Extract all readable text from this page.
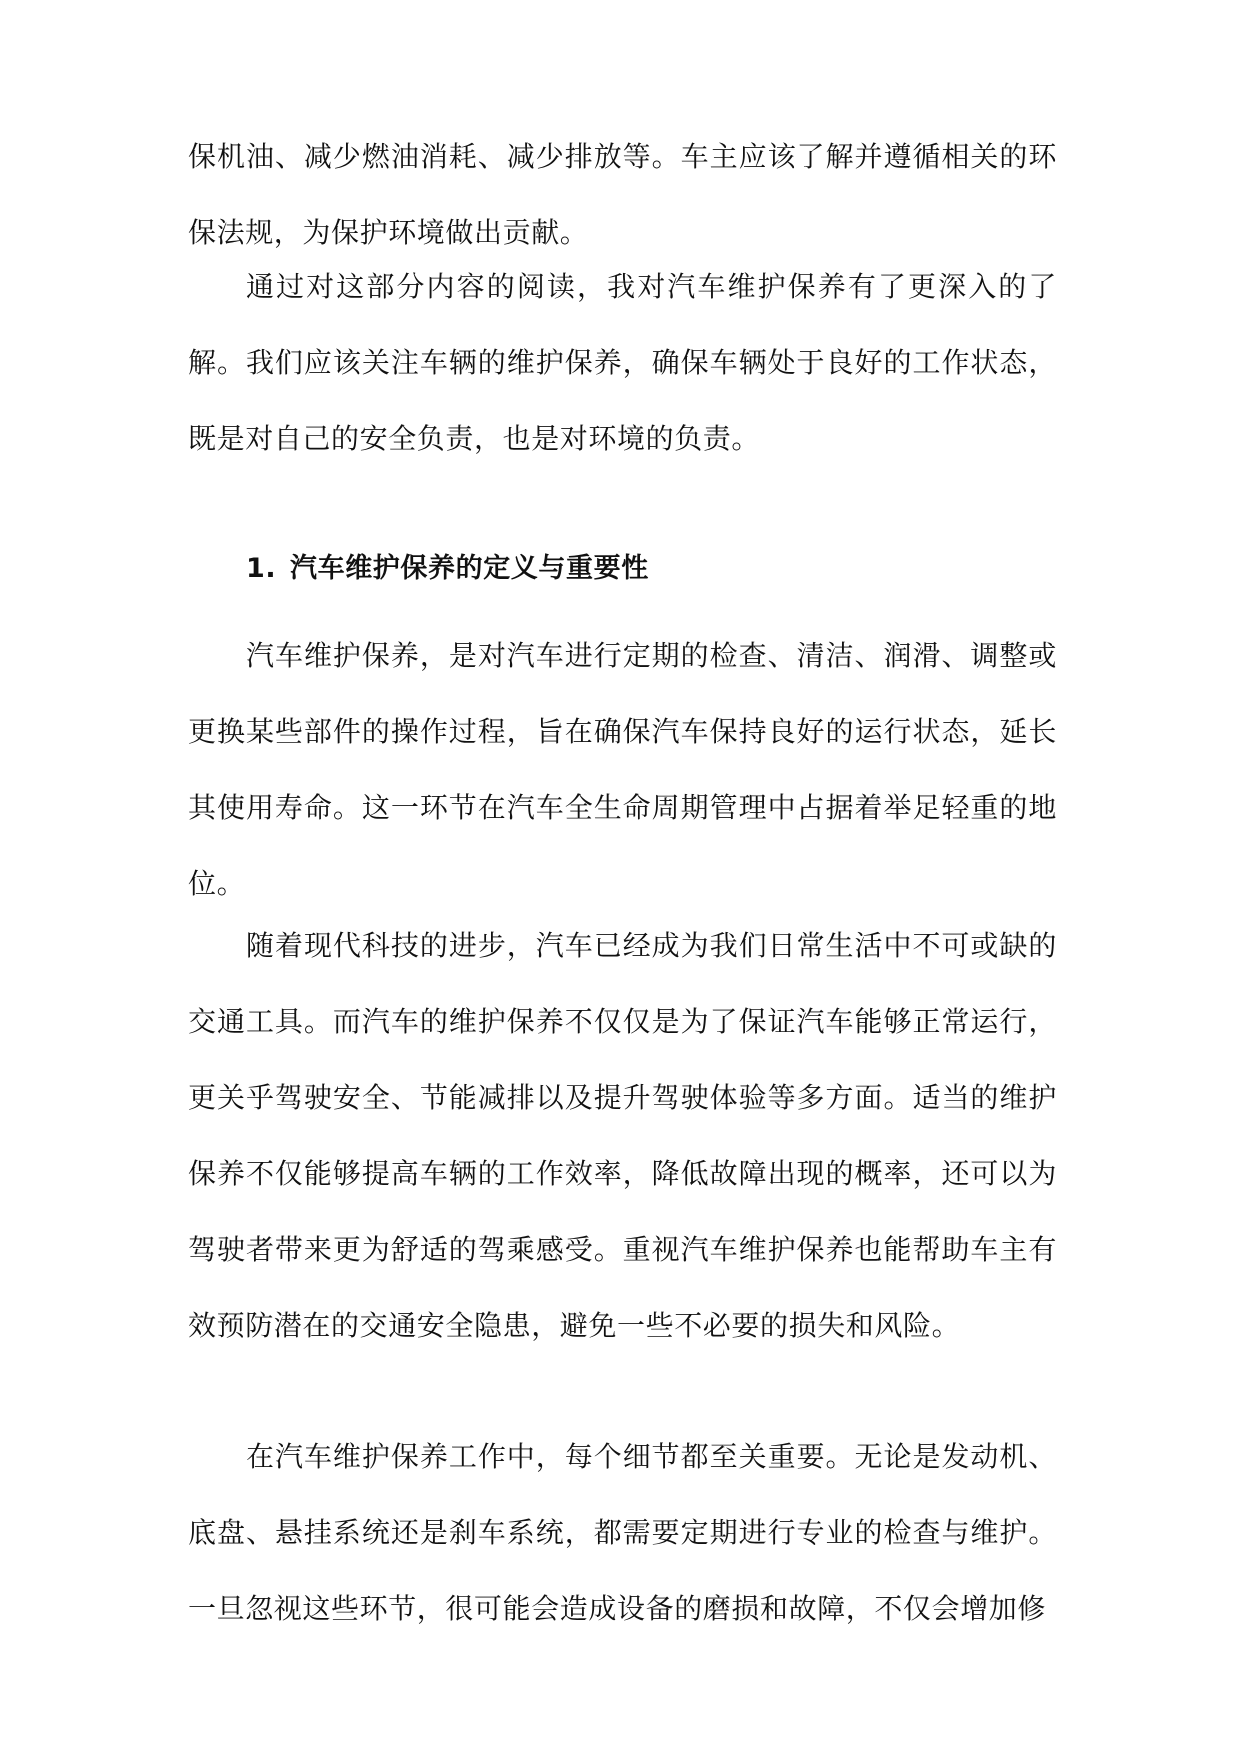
保机油、减少燃油消耗、减少排放等。车主应该了解并遵循相关的环保法规，为保护环境做出贡献。

通过对这部分内容的阅读，我对汽车维护保养有了更深入的了解。我们应该关注车辆的维护保养，确保车辆处于良好的工作状态，既是对自己的安全负责，也是对环境的负责。

1. 汽车维护保养的定义与重要性

汽车维护保养，是对汽车进行定期的检查、清洁、润滑、调整或更换某些部件的操作过程，旨在确保汽车保持良好的运行状态，延长其使用寿命。这一环节在汽车全生命周期管理中占据着举足轻重的地位。

随着现代科技的进步，汽车已经成为我们日常生活中不可或缺的交通工具。而汽车的维护保养不仅仅是为了保证汽车能够正常运行，更关乎驾驶安全、节能减排以及提升驾驶体验等多方面。适当的维护保养不仅能够提高车辆的工作效率，降低故障出现的概率，还可以为驾驶者带来更为舒适的驾乘感受。重视汽车维护保养也能帮助车主有效预防潜在的交通安全隐患，避免一些不必要的损失和风险。

在汽车维护保养工作中，每个细节都至关重要。无论是发动机、底盘、悬挂系统还是刹车系统，都需要定期进行专业的检查与维护。一旦忽视这些环节，很可能会造成设备的磨损和故障，不仅会增加修
